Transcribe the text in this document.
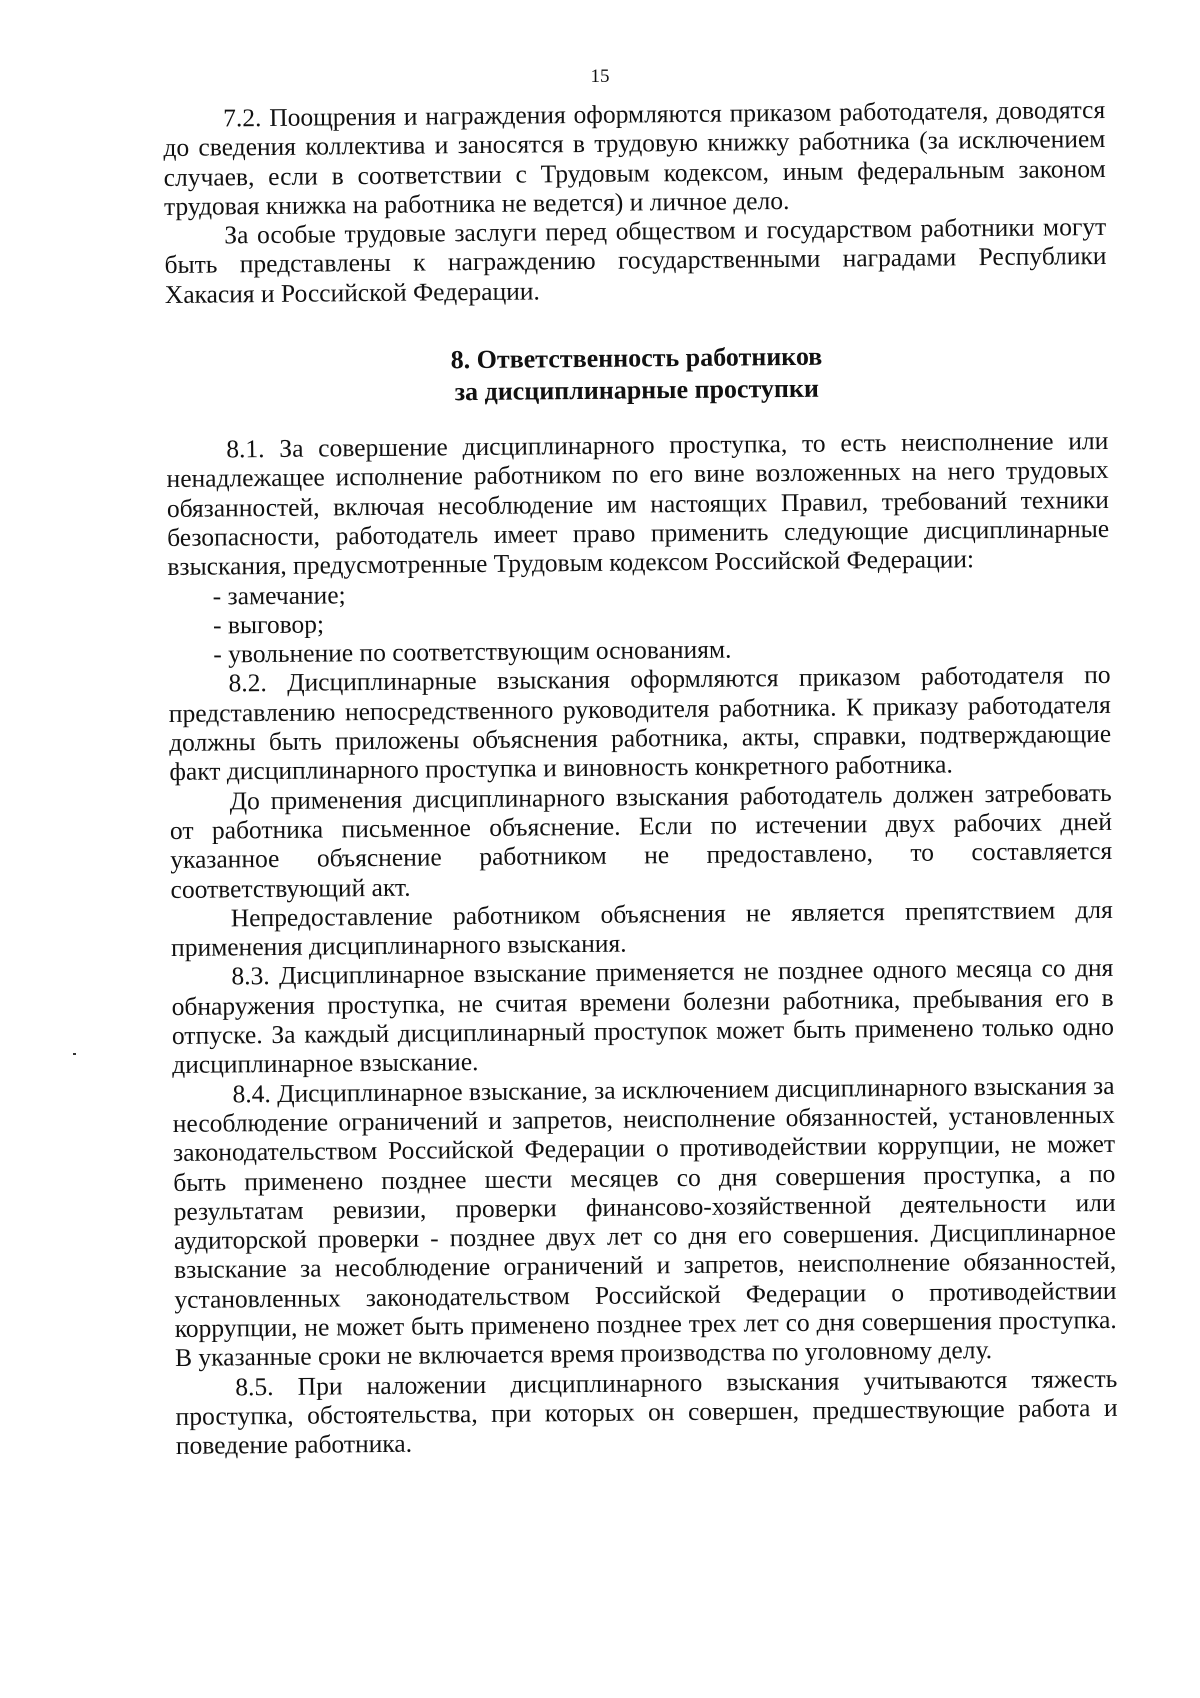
15

7.2. Поощрения и награждения оформляются приказом работодателя, доводятся до сведения коллектива и заносятся в трудовую книжку работника (за исключением случаев, если в соответствии с Трудовым кодексом, иным федеральным законом трудовая книжка на работника не ведется) и личное дело.

За особые трудовые заслуги перед обществом и государством работники могут быть представлены к награждению государственными наградами Республики Хакасия и Российской Федерации.

8. Ответственность работников
за дисциплинарные проступки

8.1. За совершение дисциплинарного проступка, то есть неисполнение или ненадлежащее исполнение работником по его вине возложенных на него трудовых обязанностей, включая несоблюдение им настоящих Правил, требований техники безопасности, работодатель имеет право применить следующие дисциплинарные взыскания, предусмотренные Трудовым кодексом Российской Федерации:

- замечание;

- выговор;

- увольнение по соответствующим основаниям.

8.2. Дисциплинарные взыскания оформляются приказом работодателя по представлению непосредственного руководителя работника. К приказу работодателя должны быть приложены объяснения работника, акты, справки, подтверждающие факт дисциплинарного проступка и виновность конкретного работника.

До применения дисциплинарного взыскания работодатель должен затребовать от работника письменное объяснение. Если по истечении двух рабочих дней указанное объяснение работником не предоставлено, то составляется соответствующий акт.

Непредоставление работником объяснения не является препятствием для применения дисциплинарного взыскания.

8.3. Дисциплинарное взыскание применяется не позднее одного месяца со дня обнаружения проступка, не считая времени болезни работника, пребывания его в отпуске. За каждый дисциплинарный проступок может быть применено только одно дисциплинарное взыскание.

8.4. Дисциплинарное взыскание, за исключением дисциплинарного взыскания за несоблюдение ограничений и запретов, неисполнение обязанностей, установленных законодательством Российской Федерации о противодействии коррупции, не может быть применено позднее шести месяцев со дня совершения проступка, а по результатам ревизии, проверки финансово-хозяйственной деятельности или аудиторской проверки - позднее двух лет со дня его совершения. Дисциплинарное взыскание за несоблюдение ограничений и запретов, неисполнение обязанностей, установленных законодательством Российской Федерации о противодействии коррупции, не может быть применено позднее трех лет со дня совершения проступка. В указанные сроки не включается время производства по уголовному делу.

8.5. При наложении дисциплинарного взыскания учитываются тяжесть проступка, обстоятельства, при которых он совершен, предшествующие работа и поведение работника.
